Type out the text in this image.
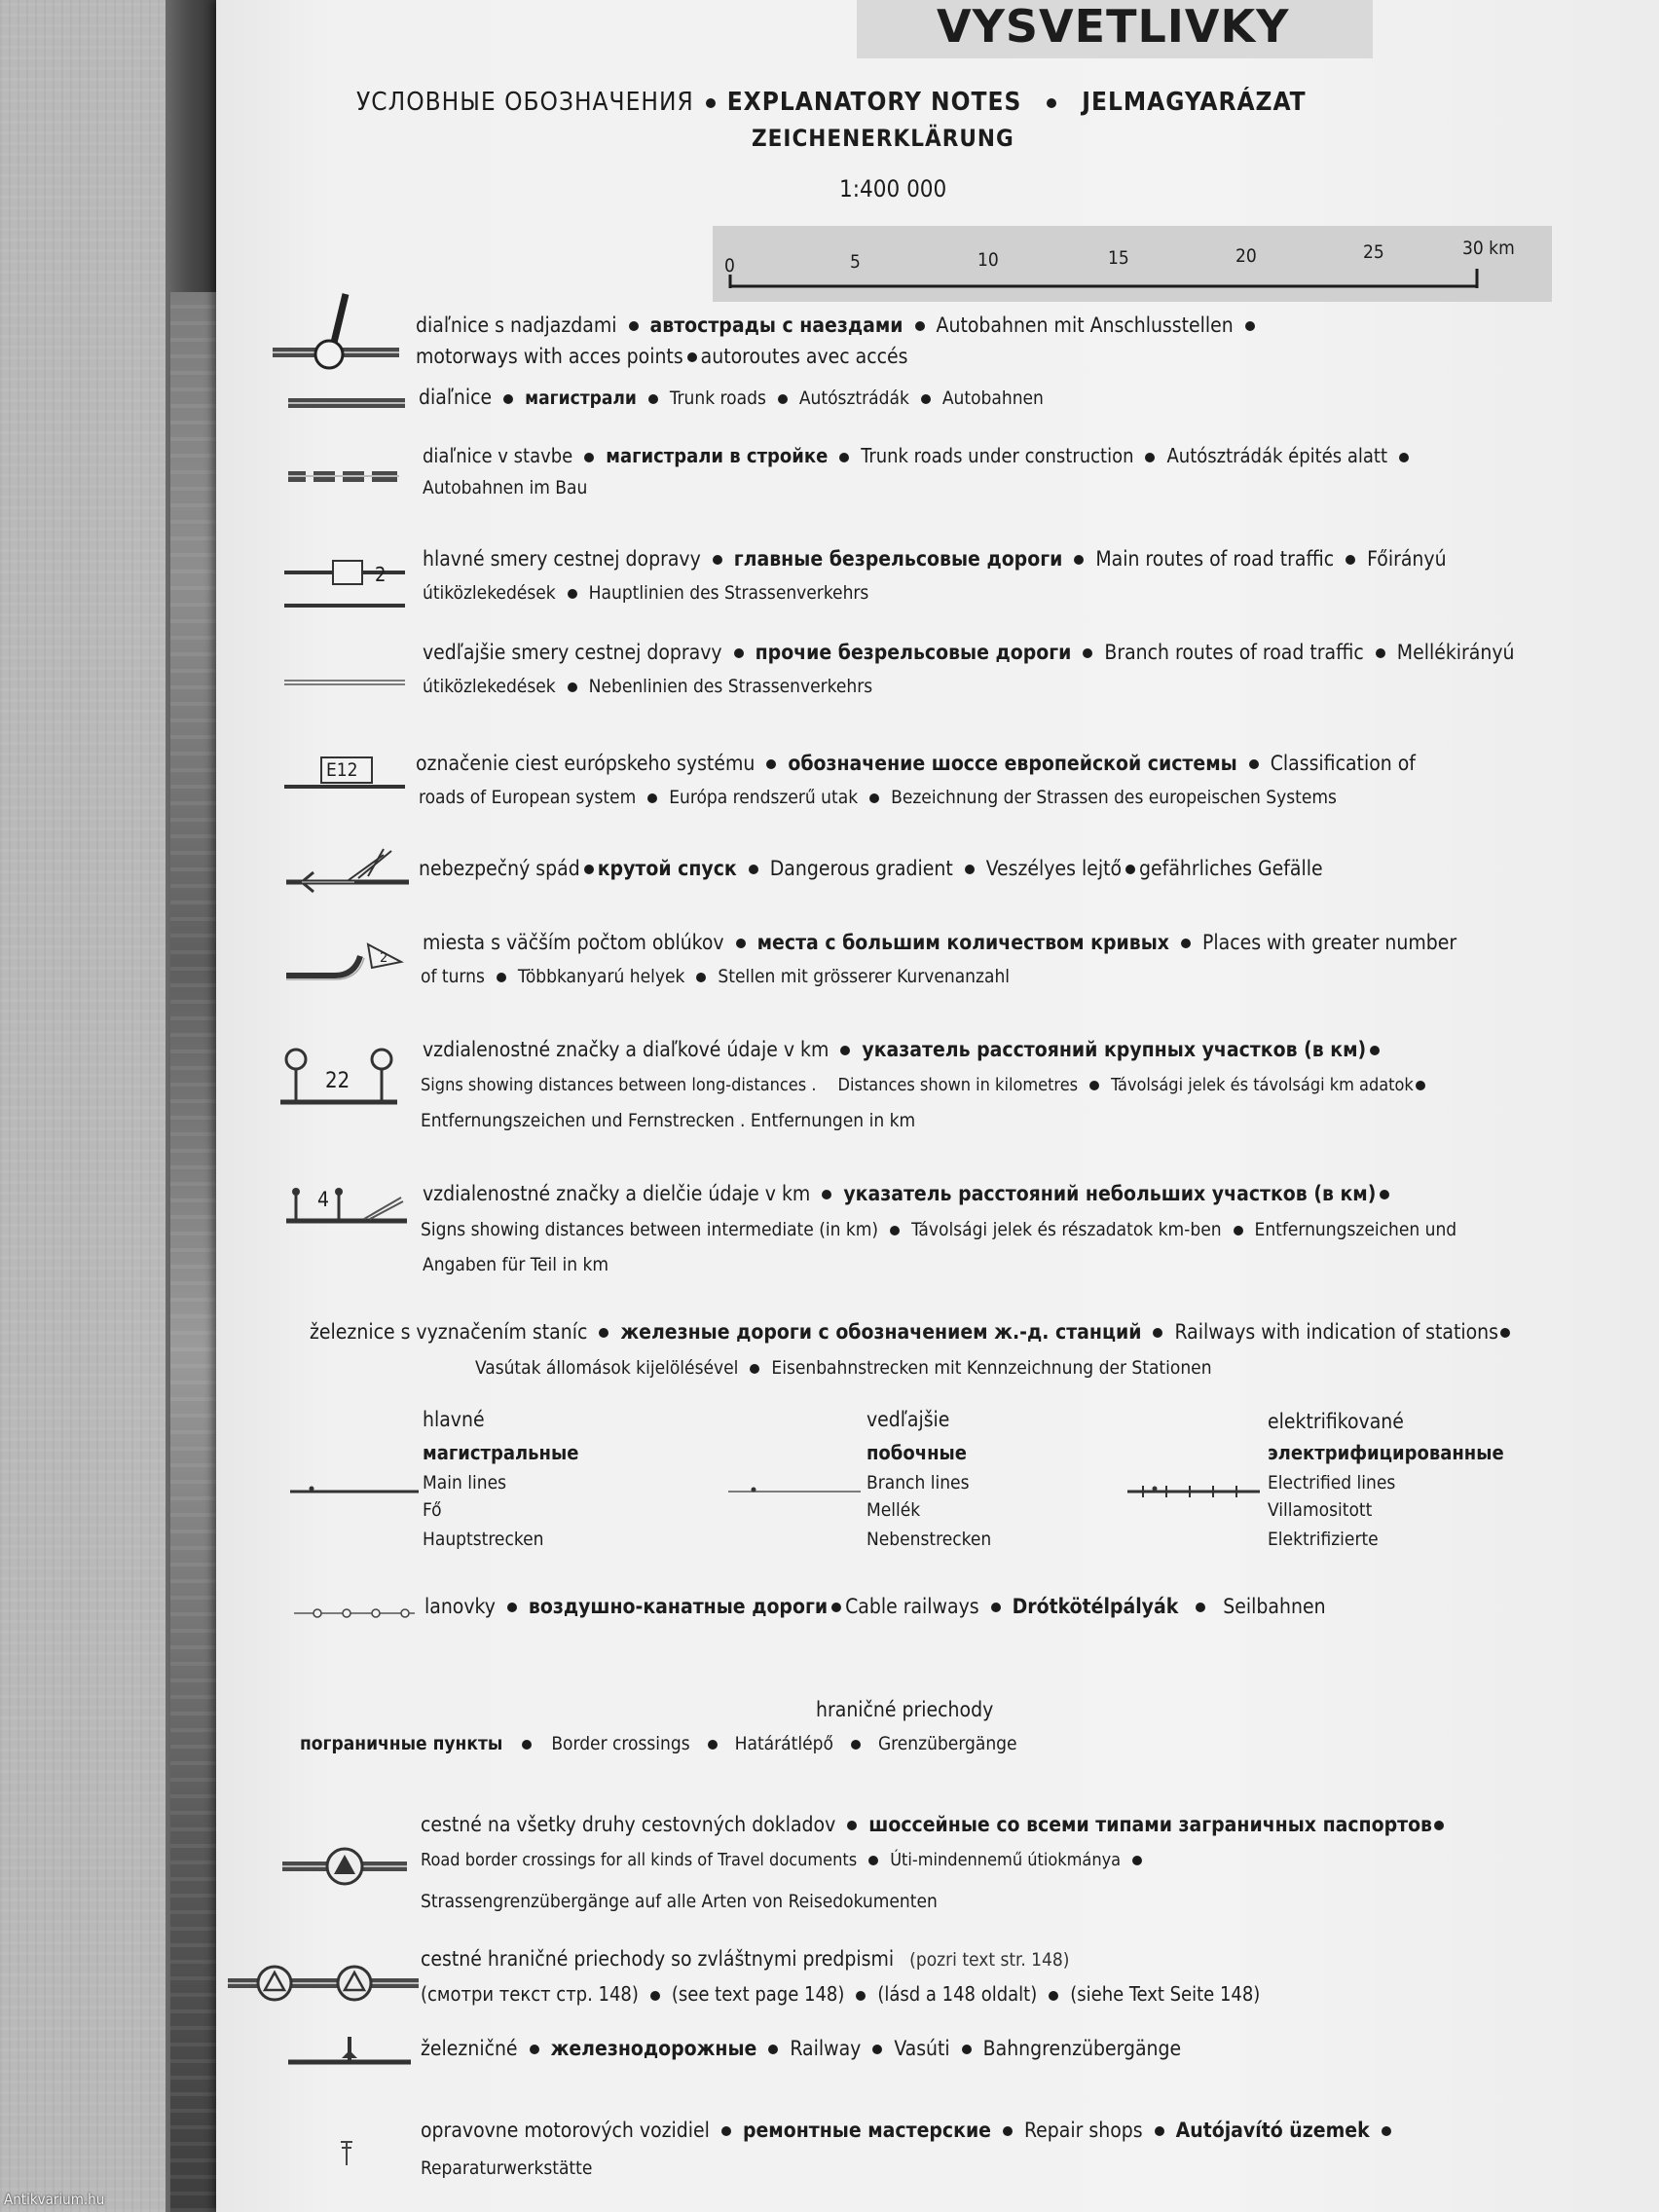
VYSVETLIVKY
УСЛОВНЫЕ ОБОЗНАЧЕНИЯ EXPLANATORY NOTES JELMAGYARÁZAT
ZEICHENERKLÄRUNG
1:400 000
0	5	10	15	20	25	30 km
diaľnice s nadjazdami автострады с наездами Autobahnen mit Anschlusstellen
motorways with acces points autoroutes avec accés
diaľnice магистрали Trunk roads Autósztrádák Autobahnen
diaľnice v stavbe магистрали в стройке Trunk roads under construction Autósztrádák épités alatt
Autobahnen im Bau
2
hlavné smery cestnej dopravy главные безрельсовые дороги Main routes of road traffic Főirányú
útiközlekedések Hauptlinien des Strassenverkehrs
vedľajšie smery cestnej dopravy прочие безрельсовые дороги Branch routes of road traffic Mellékirányú
útiközlekedések Nebenlinien des Strassenverkehrs
E12	označenie ciest európskeho systému обозначение шоссе европейской системы Classification of
roads of European system Európa rendszerű utak Bezeichnung der Strassen des europeischen Systems
nebezpečný spád крутой спуск Dangerous gradient Veszélyes lejtő gefährliches Gefälle
2
miesta s väčším počtom oblúkov места с большим количеством кривых Places with greater number
of turns Többkanyarú helyek Stellen mit grösserer Kurvenanzahl
22
vzdialenostné značky a diaľkové údaje v km указатель расстояний крупных участков (в км)
Signs showing distances between long-distances . Distances shown in kilometres Távolsági jelek és távolsági km adatok
Entfernungszeichen und Fernstrecken . Entfernungen in km
4	vzdialenostné značky a dielčie údaje v km указатель расстояний небольших участков (в км)
Signs showing distances between intermediate (in km) Távolsági jelek és részadatok km-ben Entfernungszeichen und
Angaben für Teil in km
železnice s vyznačením staníc железные дороги с обозначением ж.-д. станций Railways with indication of stations
Vasútak állomások kijelölésével Eisenbahnstrecken mit Kennzeichnung der Stationen
hlavné
магистральные
Main lines
Fő
Hauptstrecken
vedľajšie
побочные
Branch lines
Mellék
Nebenstrecken
elektrifikované
электрифицированные
Electrified lines
Villamositott
Elektrifizierte
lanovky воздушно-канатные дороги Cable railways Drótkötélpályák Seilbahnen
hraničné priechody
пограничные пункты	Border crossings Határátlépő Grenzübergänge
cestné na všetky druhy cestovných dokladov шоссейные со всеми типами заграничных паспортов
Road border crossings for all kinds of Travel documents Úti-mindennemű útiokmánya
Strassengrenzübergänge auf alle Arten von Reisedokumenten
cestné hraničné priechody so zvláštnymi predpismi (pozri text str. 148)
(смотри текст стр. 148) (see text page 148) (lásd a 148 oldalt) (siehe Text Seite 148)
železničné железнодорожные Railway Vasúti Bahngrenzübergänge
opravovne motorových vozidiel ремонтные мастерские Repair shops Autójavító üzemek
Reparaturwerkstätte
Antikvarium.hu
